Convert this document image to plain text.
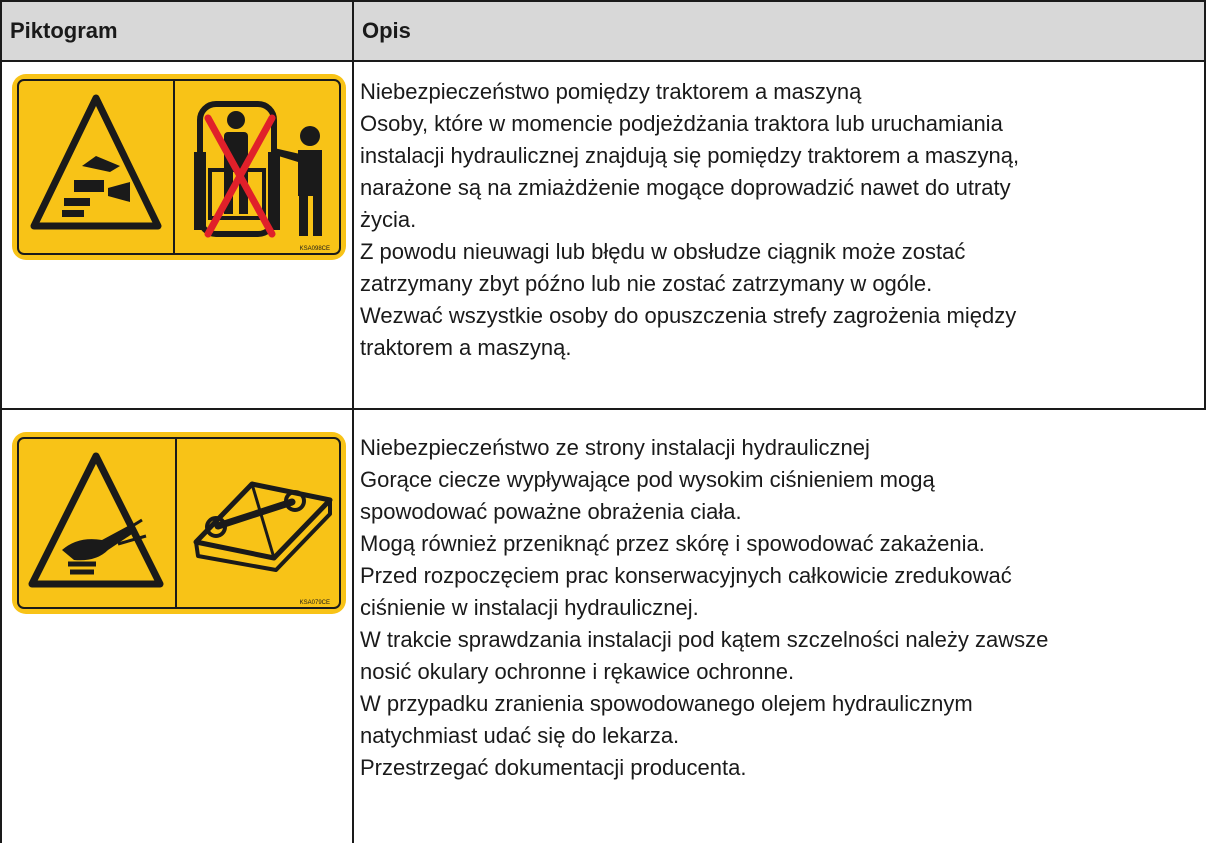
Piktogram	Opis
KSA098CE
Niebezpieczeństwo pomiędzy traktorem a maszyną
Osoby, które w momencie podjeżdżania traktora lub uruchamiania
instalacji hydraulicznej znajdują się pomiędzy traktorem a maszyną,
narażone są na zmiażdżenie mogące doprowadzić nawet do utraty
życia.
Z powodu nieuwagi lub błędu w obsłudze ciągnik może zostać
zatrzymany zbyt późno lub nie zostać zatrzymany w ogóle.
Wezwać wszystkie osoby do opuszczenia strefy zagrożenia między
traktorem a maszyną.
KSA079CE
Niebezpieczeństwo ze strony instalacji hydraulicznej
Gorące ciecze wypływające pod wysokim ciśnieniem mogą
spowodować poważne obrażenia ciała.
Mogą również przeniknąć przez skórę i spowodować zakażenia.
Przed rozpoczęciem prac konserwacyjnych całkowicie zredukować
ciśnienie w instalacji hydraulicznej.
W trakcie sprawdzania instalacji pod kątem szczelności należy zawsze
nosić okulary ochronne i rękawice ochronne.
W przypadku zranienia spowodowanego olejem hydraulicznym
natychmiast udać się do lekarza.
Przestrzegać dokumentacji producenta.
